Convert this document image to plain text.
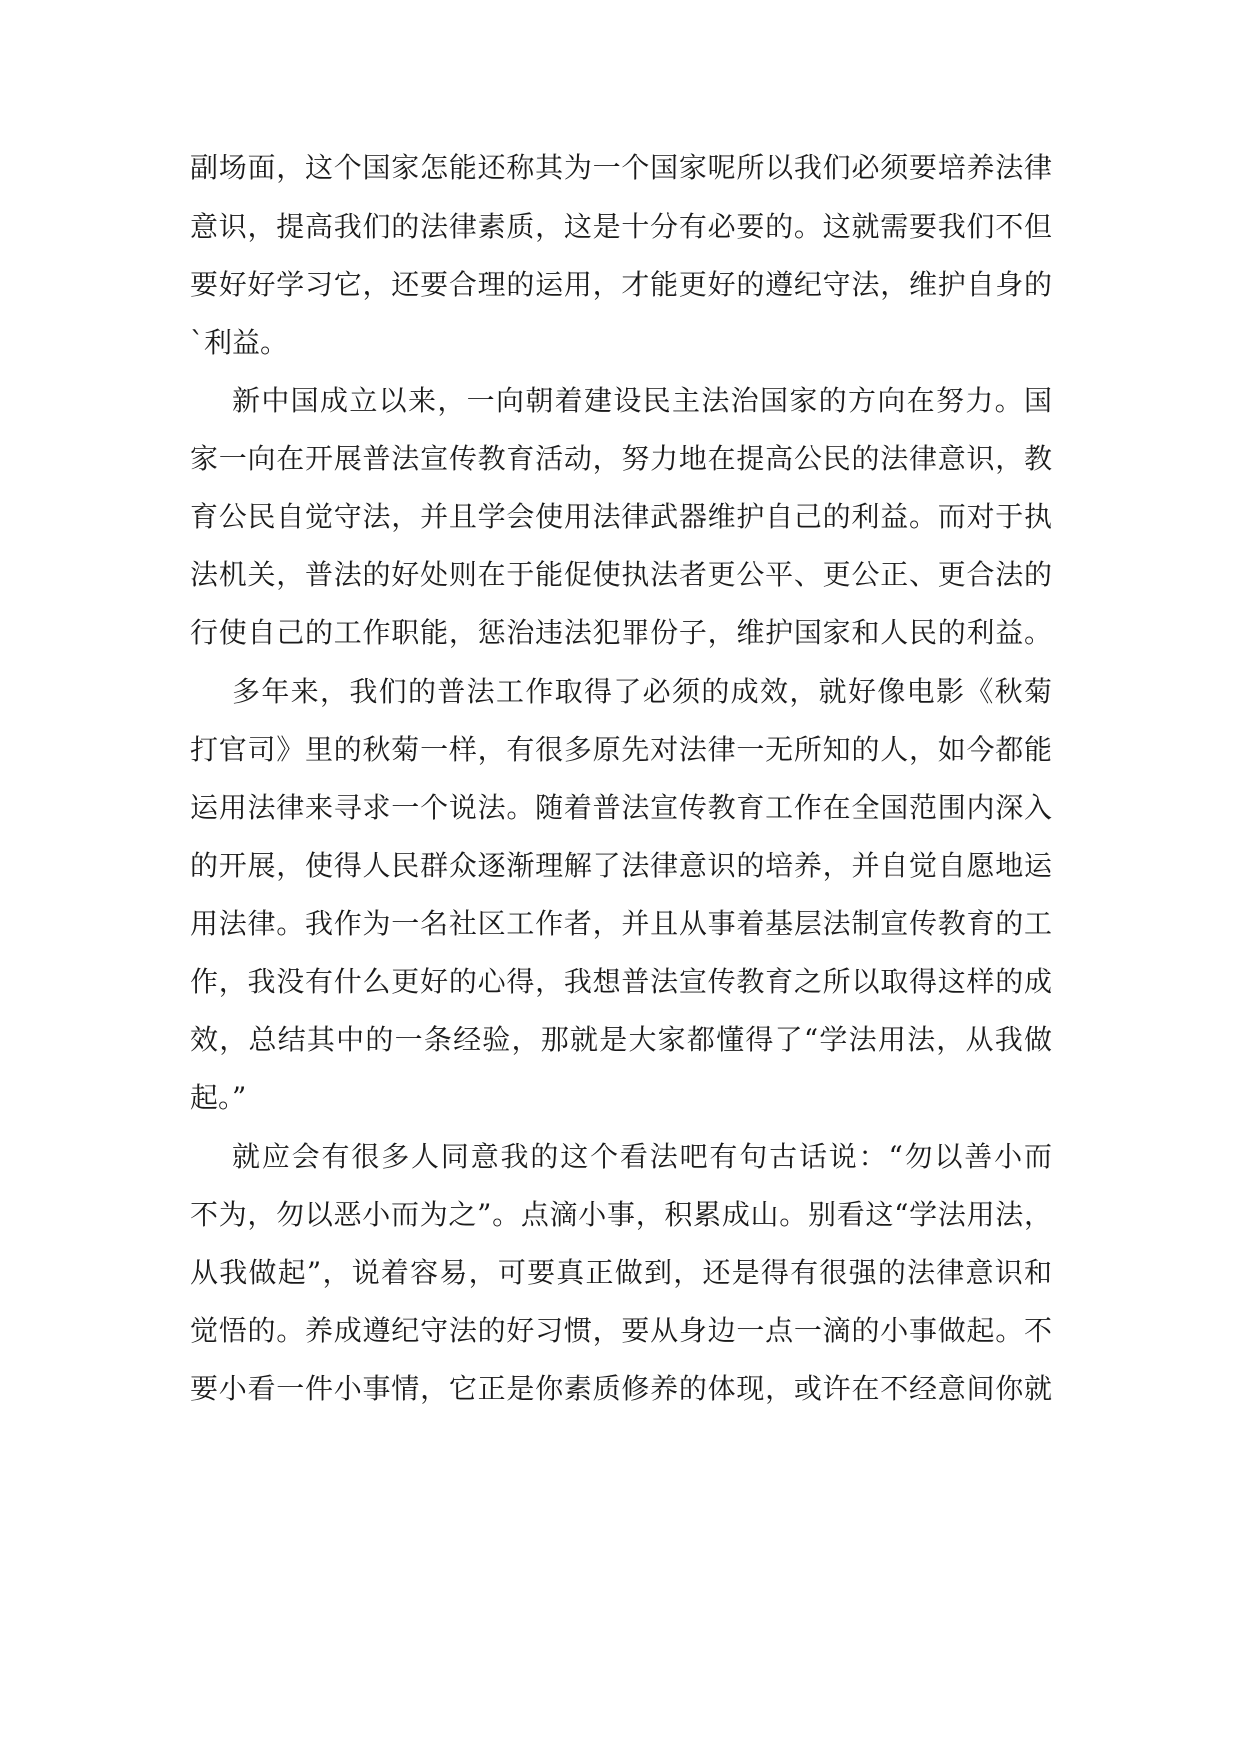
副场面，这个国家怎能还称其为一个国家呢所以我们必须要培养法律

意识，提高我们的法律素质，这是十分有必要的。这就需要我们不但

要好好学习它，还要合理的运用，才能更好的遵纪守法，维护自身的

`利益。

新中国成立以来，一向朝着建设民主法治国家的方向在努力。国

家一向在开展普法宣传教育活动，努力地在提高公民的法律意识，教

育公民自觉守法，并且学会使用法律武器维护自己的利益。而对于执

法机关，普法的好处则在于能促使执法者更公平、更公正、更合法的

行使自己的工作职能，惩治违法犯罪份子，维护国家和人民的利益。

多年来，我们的普法工作取得了必须的成效，就好像电影《秋菊

打官司》里的秋菊一样，有很多原先对法律一无所知的人，如今都能

运用法律来寻求一个说法。随着普法宣传教育工作在全国范围内深入

的开展，使得人民群众逐渐理解了法律意识的培养，并自觉自愿地运

用法律。我作为一名社区工作者，并且从事着基层法制宣传教育的工

作，我没有什么更好的心得，我想普法宣传教育之所以取得这样的成

效，总结其中的一条经验，那就是大家都懂得了“学法用法，从我做

起。”

就应会有很多人同意我的这个看法吧有句古话说：“勿以善小而

不为，勿以恶小而为之”。点滴小事，积累成山。别看这“学法用法，

从我做起”，说着容易，可要真正做到，还是得有很强的法律意识和

觉悟的。养成遵纪守法的好习惯，要从身边一点一滴的小事做起。不

要小看一件小事情，它正是你素质修养的体现，或许在不经意间你就
